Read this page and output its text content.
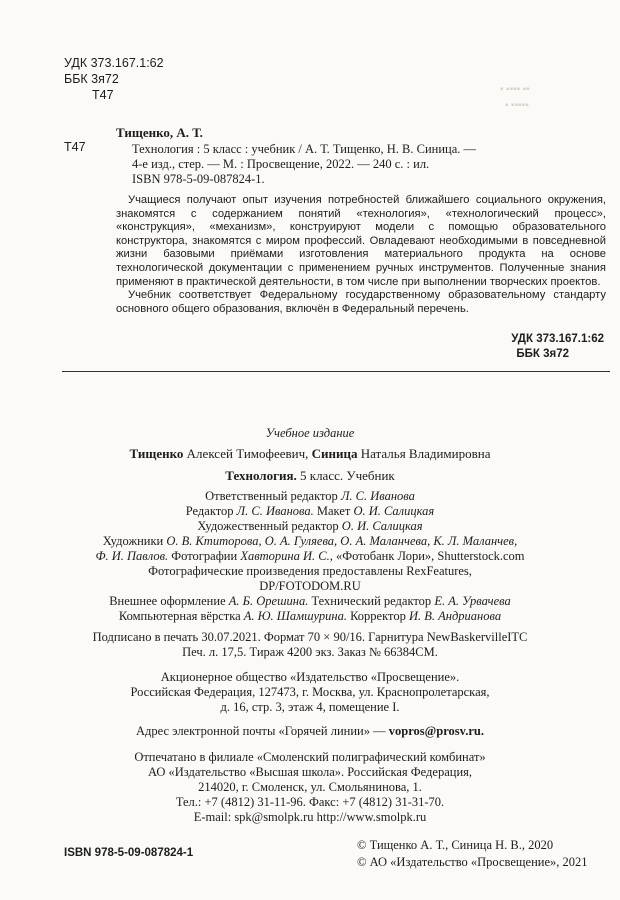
УДК 373.167.1:62
ББК 3я72
Т47	▪ ▪▪▪▪ ▪▪
▪ ▪▪▪▪▪
Т47
Тищенко, А. Т.
Технология : 5 класс : учебник / А. Т. Тищенко, Н. В. Синица. —
4-е изд., стер. — М. : Просвещение, 2022. — 240 с. : ил.
ISBN 978-5-09-087824-1.

Учащиеся получают опыт изучения потребностей ближайшего социального окружения, знакомятся с содержанием понятий «технология», «технологический процесс», «конструкция», «механизм», конструируют модели с помощью образовательного конструктора, знакомятся с миром профессий. Овладевают необходимыми в повседневной жизни базовыми приёмами изготовления материального продукта на основе технологической документации с применением ручных инструментов. Полученные знания применяют в практической деятельности, в том числе при выполнении творческих проектов.

Учебник соответствует Федеральному государственному образовательному стандарту основного общего образования, включён в Федеральный перечень.

УДК 373.167.1:62
ББК 3я72
Учебное издание
Тищенко Алексей Тимофеевич, Синица Наталья Владимировна
Технология. 5 класс. Учебник
Ответственный редактор Л. С. Иванова
Редактор Л. С. Иванова. Макет О. И. Салицкая
Художественный редактор О. И. Салицкая
Художники О. В. Ктиторова, О. А. Гуляева, О. А. Маланчева, К. Л. Маланчев,
Ф. И. Павлов. Фотографии Хавторина И. С., «Фотобанк Лори», Shutterstock.com
Фотографические произведения предоставлены RexFeatures,
DP/FOTODOM.RU
Внешнее оформление А. Б. Орешина. Технический редактор Е. А. Урвачева
Компьютерная вёрстка А. Ю. Шамшурина. Корректор И. В. Андрианова
Подписано в печать 30.07.2021. Формат 70 × 90/16. Гарнитура NewBaskervilleITC
Печ. л. 17,5. Тираж 4200 экз. Заказ № 66384СМ.
Акционерное общество «Издательство «Просвещение».
Российская Федерация, 127473, г. Москва, ул. Краснопролетарская,
д. 16, стр. 3, этаж 4, помещение I.
Адрес электронной почты «Горячей линии» — vopros@prosv.ru.
Отпечатано в филиале «Смоленский полиграфический комбинат»
АО «Издательство «Высшая школа». Российская Федерация,
214020, г. Смоленск, ул. Смольянинова, 1.
Тел.: +7 (4812) 31-11-96. Факс: +7 (4812) 31-31-70.
E-mail: spk@smolpk.ru http://www.smolpk.ru
ISBN 978-5-09-087824-1
© Тищенко А. Т., Синица Н. В., 2020
© АО «Издательство «Просвещение», 2021
